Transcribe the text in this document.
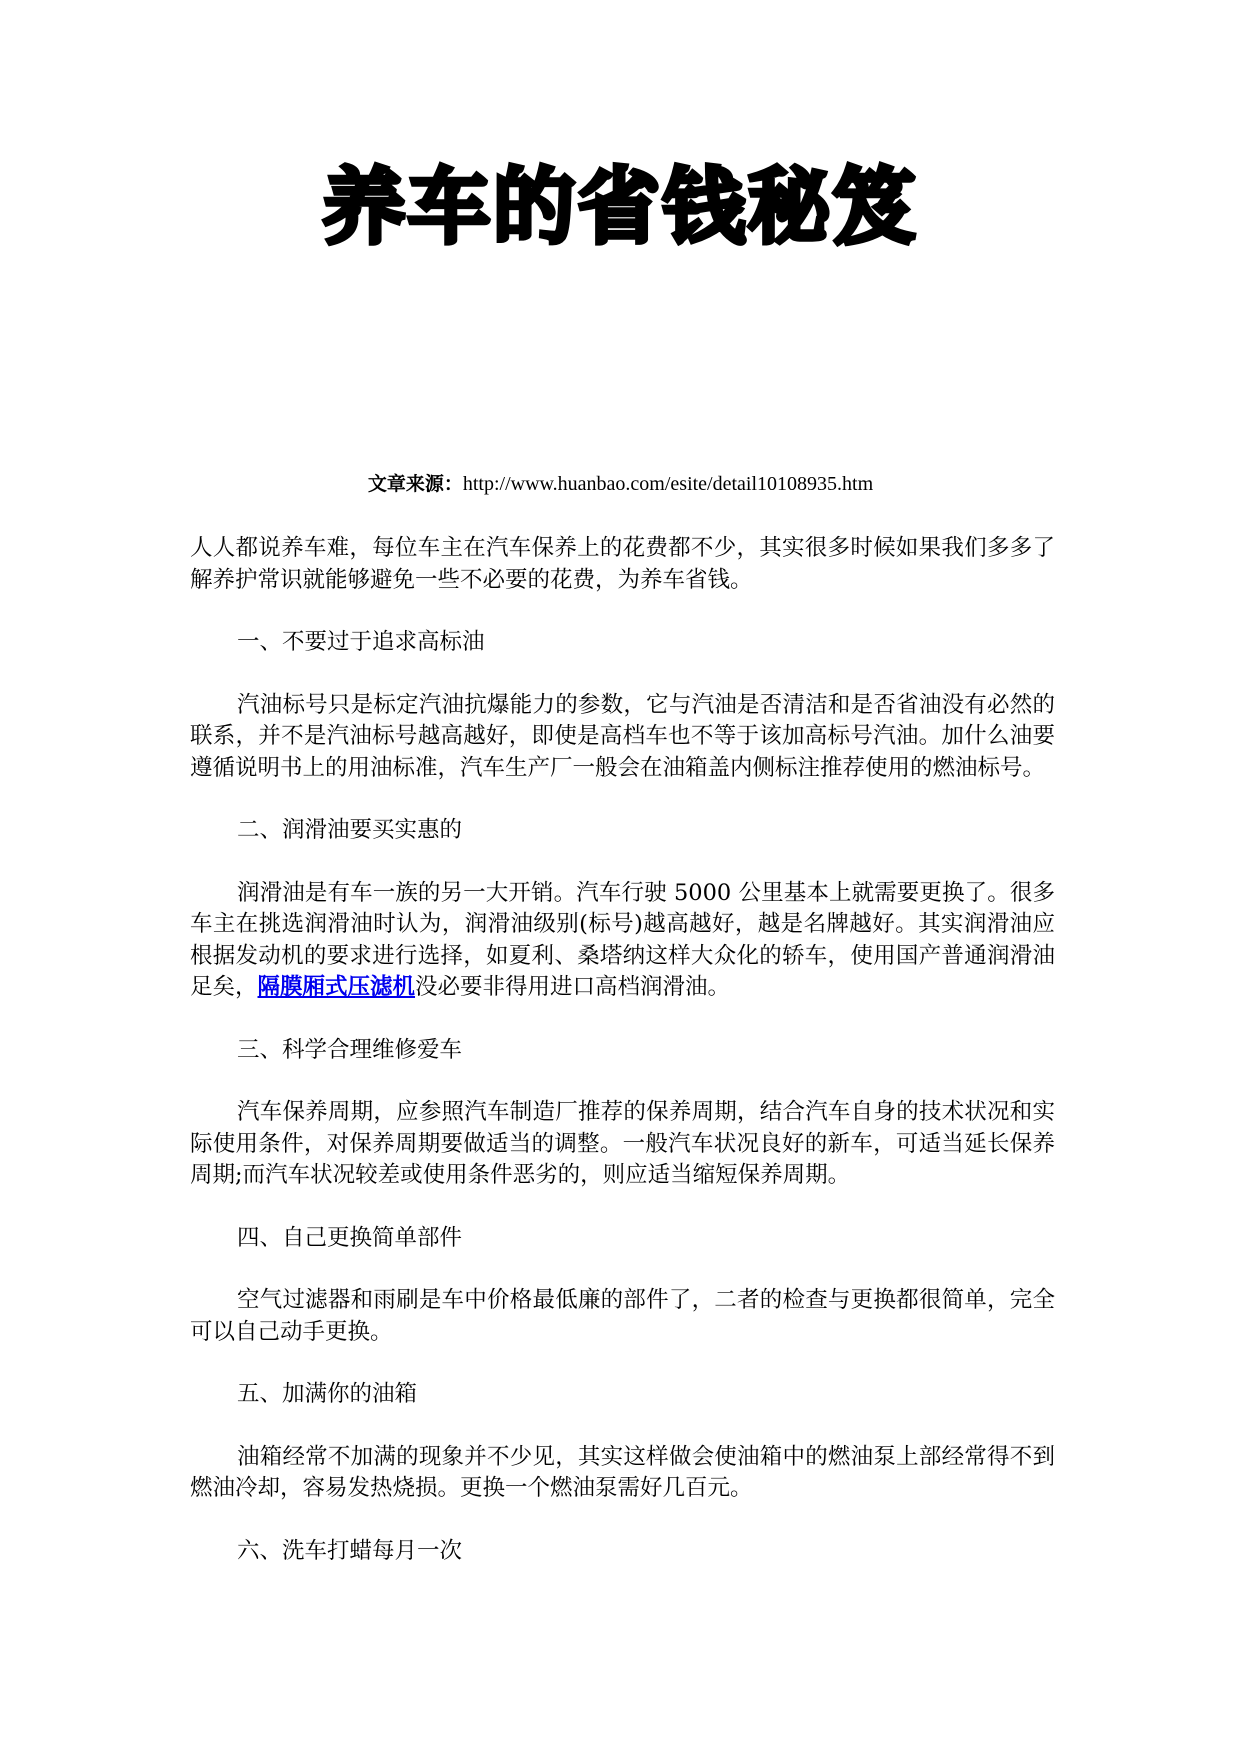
养车的省钱秘笈
文章来源：http://www.huanbao.com/esite/detail10108935.htm

人人都说养车难，每位车主在汽车保养上的花费都不少，其实很多时候如果我们多多了解养护常识就能够避免一些不必要的花费，为养车省钱。

一、不要过于追求高标油

汽油标号只是标定汽油抗爆能力的参数，它与汽油是否清洁和是否省油没有必然的联系，并不是汽油标号越高越好，即使是高档车也不等于该加高标号汽油。加什么油要遵循说明书上的用油标准，汽车生产厂一般会在油箱盖内侧标注推荐使用的燃油标号。

二、润滑油要买实惠的

润滑油是有车一族的另一大开销。汽车行驶 5000 公里基本上就需要更换了。很多车主在挑选润滑油时认为，润滑油级别(标号)越高越好，越是名牌越好。其实润滑油应根据发动机的要求进行选择，如夏利、桑塔纳这样大众化的轿车，使用国产普通润滑油足矣，隔膜厢式压滤机没必要非得用进口高档润滑油。

三、科学合理维修爱车

汽车保养周期，应参照汽车制造厂推荐的保养周期，结合汽车自身的技术状况和实际使用条件，对保养周期要做适当的调整。一般汽车状况良好的新车，可适当延长保养周期;而汽车状况较差或使用条件恶劣的，则应适当缩短保养周期。

四、自己更换简单部件

空气过滤器和雨刷是车中价格最低廉的部件了，二者的检查与更换都很简单，完全可以自己动手更换。

五、加满你的油箱

油箱经常不加满的现象并不少见，其实这样做会使油箱中的燃油泵上部经常得不到燃油冷却，容易发热烧损。更换一个燃油泵需好几百元。

六、洗车打蜡每月一次
